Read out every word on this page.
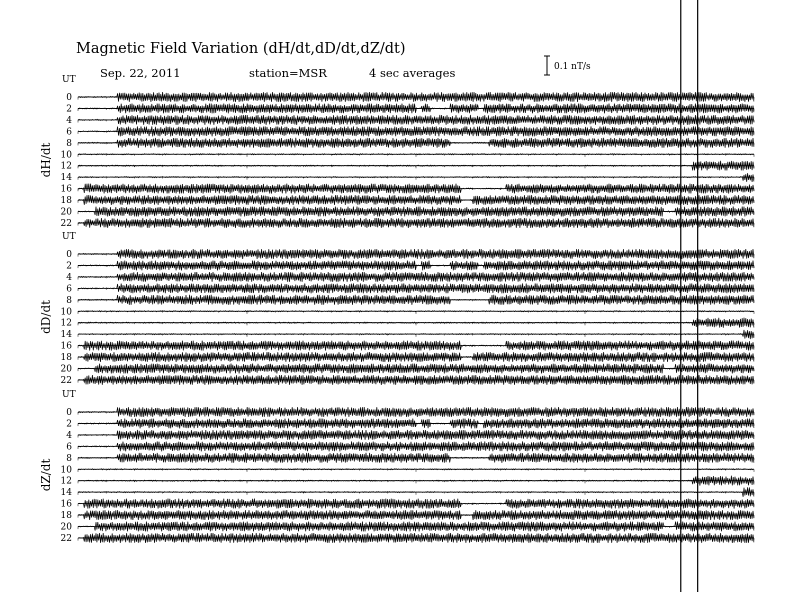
Magnetic Field Variation (dH/dt,dD/dt,dZ/dt)
Sep. 22, 2011	station=MSR	4 sec averages	0.1 nT/s
UT
dH/dt
0
2
4
6
8
10
12
14
16
18
20
22
UT
dD/dt
0
2
4
6
8
10
12
14
16
18
20
22
UT
dZ/dt
0
2
4
6
8
10
12
14
16
18
20
22
